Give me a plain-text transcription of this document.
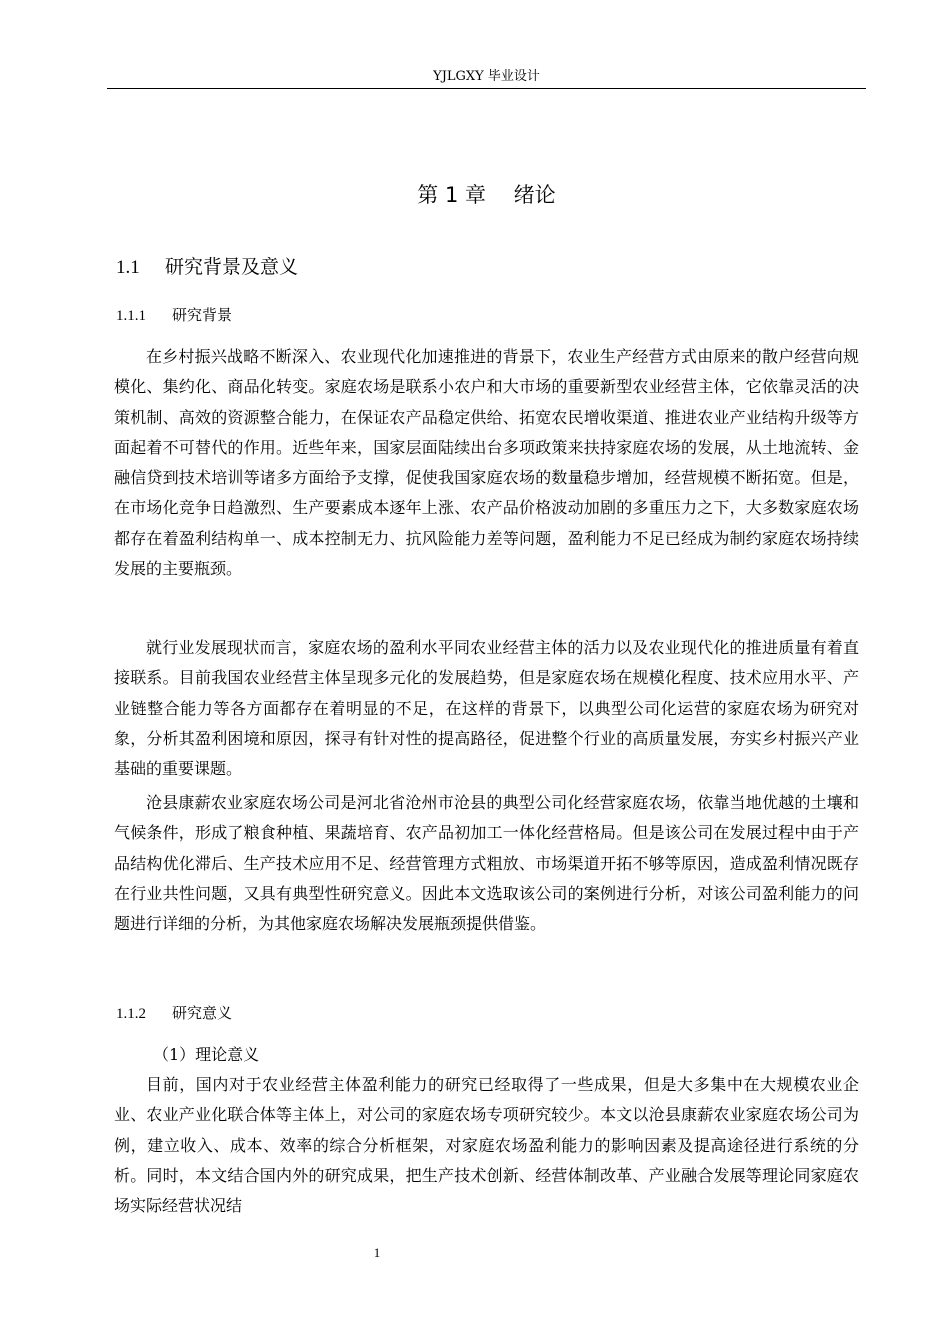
YJLGXY 毕业设计
第 1 章　 绪论
1.1 研究背景及意义
1.1.1 研究背景

在乡村振兴战略不断深入、农业现代化加速推进的背景下，农业生产经营方式由原来的散户经营向规模化、集约化、商品化转变。家庭农场是联系小农户和大市场的重要新型农业经营主体，它依靠灵活的决策机制、高效的资源整合能力，在保证农产品稳定供给、拓宽农民增收渠道、推进农业产业结构升级等方面起着不可替代的作用。近些年来，国家层面陆续出台多项政策来扶持家庭农场的发展，从土地流转、金融信贷到技术培训等诸多方面给予支撑，促使我国家庭农场的数量稳步增加，经营规模不断拓宽。但是，在市场化竞争日趋激烈、生产要素成本逐年上涨、农产品价格波动加剧的多重压力之下，大多数家庭农场都存在着盈利结构单一、成本控制无力、抗风险能力差等问题，盈利能力不足已经成为制约家庭农场持续发展的主要瓶颈。

就行业发展现状而言，家庭农场的盈利水平同农业经营主体的活力以及农业现代化的推进质量有着直接联系。目前我国农业经营主体呈现多元化的发展趋势，但是家庭农场在规模化程度、技术应用水平、产业链整合能力等各方面都存在着明显的不足，在这样的背景下，以典型公司化运营的家庭农场为研究对象，分析其盈利困境和原因，探寻有针对性的提高路径，促进整个行业的高质量发展，夯实乡村振兴产业基础的重要课题。

沧县康薪农业家庭农场公司是河北省沧州市沧县的典型公司化经营家庭农场，依靠当地优越的土壤和气候条件，形成了粮食种植、果蔬培育、农产品初加工一体化经营格局。但是该公司在发展过程中由于产品结构优化滞后、生产技术应用不足、经营管理方式粗放、市场渠道开拓不够等原因，造成盈利情况既存在行业共性问题，又具有典型性研究意义。因此本文选取该公司的案例进行分析，对该公司盈利能力的问题进行详细的分析，为其他家庭农场解决发展瓶颈提供借鉴。

1.1.2 研究意义
（1）理论意义

目前，国内对于农业经营主体盈利能力的研究已经取得了一些成果，但是大多集中在大规模农业企业、农业产业化联合体等主体上，对公司的家庭农场专项研究较少。本文以沧县康薪农业家庭农场公司为例，建立收入、成本、效率的综合分析框架，对家庭农场盈利能力的影响因素及提高途径进行系统的分析。同时，本文结合国内外的研究成果，把生产技术创新、经营体制改革、产业融合发展等理论同家庭农场实际经营状况结

1
